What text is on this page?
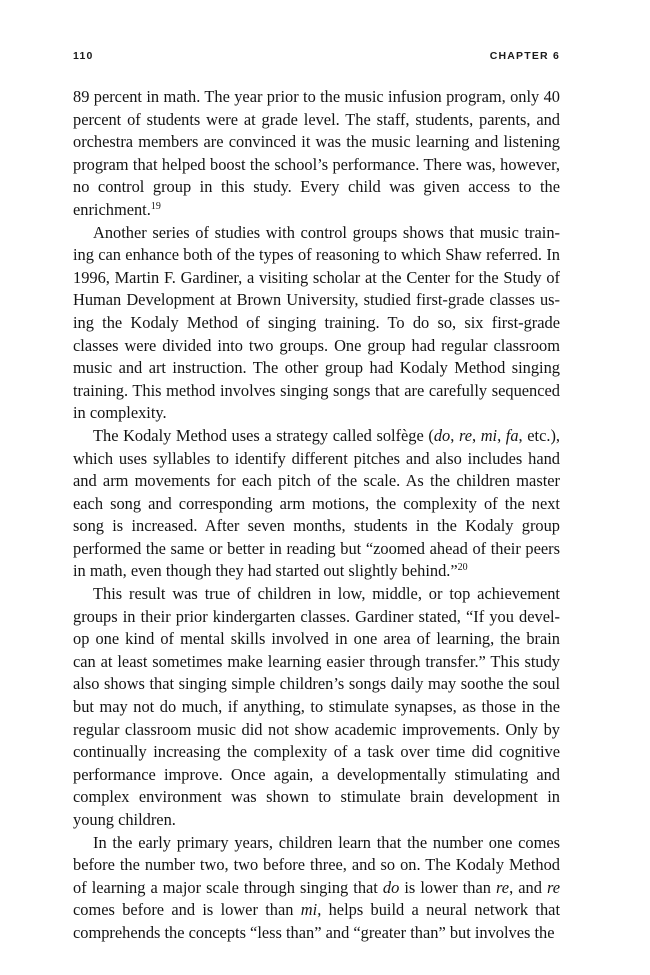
110	CHAPTER 6

89 percent in math. The year prior to the music infusion program, only 40 percent of students were at grade level. The staff, students, parents, and orchestra members are convinced it was the music learning and listening program that helped boost the school’s performance. There was, however, no control group in this study. Every child was given access to the enrichment.$^{19}$

Another series of studies with control groups shows that music training can enhance both of the types of reasoning to which Shaw referred. In 1996, Martin F. Gardiner, a visiting scholar at the Center for the Study of Human Development at Brown University, studied first-grade classes using the Kodaly Method of singing training. To do so, six first-grade classes were divided into two groups. One group had regular classroom music and art instruction. The other group had Kodaly Method singing training. This method involves singing songs that are carefully sequenced in complexity.

The Kodaly Method uses a strategy called solfège (do, re, mi, fa, etc.), which uses syllables to identify different pitches and also includes hand and arm movements for each pitch of the scale. As the children master each song and corresponding arm motions, the complexity of the next song is increased. After seven months, students in the Kodaly group performed the same or better in reading but “zoomed ahead of their peers in math, even though they had started out slightly behind.”$^{20}$

This result was true of children in low, middle, or top achievement groups in their prior kindergarten classes. Gardiner stated, “If you develop one kind of mental skills involved in one area of learning, the brain can at least sometimes make learning easier through transfer.” This study also shows that singing simple children’s songs daily may soothe the soul but may not do much, if anything, to stimulate synapses, as those in the regular classroom music did not show academic improvements. Only by continually increasing the complexity of a task over time did cognitive performance improve. Once again, a developmentally stimulating and complex environment was shown to stimulate brain development in young children.

In the early primary years, children learn that the number one comes before the number two, two before three, and so on. The Kodaly Method of learning a major scale through singing that do is lower than re, and re comes before and is lower than mi, helps build a neural network that comprehends the concepts “less than” and “greater than” but involves the
